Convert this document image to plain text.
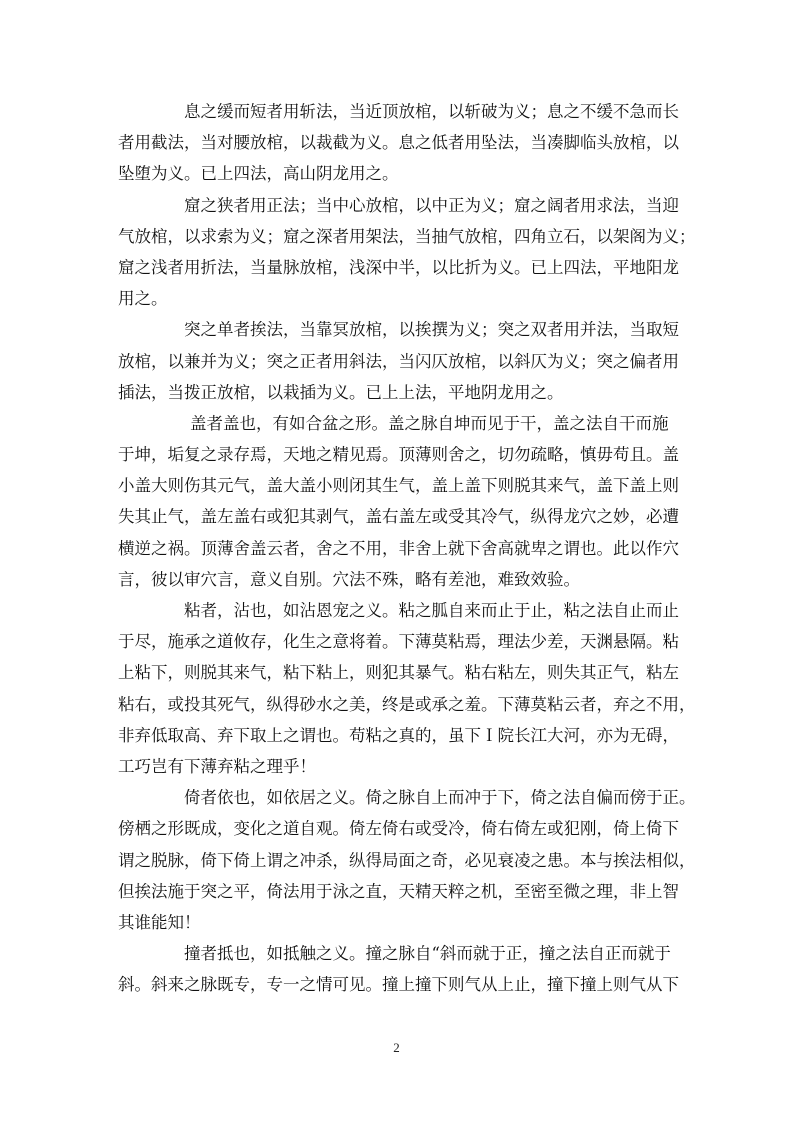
息之缓而短者用斩法，当近顶放棺，以斩破为义；息之不缓不急而长
者用截法，当对腰放棺，以裁截为义。息之低者用坠法，当凑脚临头放棺，以
坠堕为义。已上四法，高山阴龙用之。
窟之狭者用正法；当中心放棺，以中正为义；窟之阔者用求法，当迎
气放棺，以求索为义；窟之深者用架法，当抽气放棺，四角立石，以架阁为义；
窟之浅者用折法，当量脉放棺，浅深中半，以比折为义。已上四法，平地阳龙
用之。
突之单者挨法，当靠冥放棺，以挨撰为义；突之双者用并法，当取短
放棺，以兼并为义；突之正者用斜法，当闪仄放棺，以斜仄为义；突之偏者用
插法，当拨正放棺，以栽插为义。已上上法，平地阴龙用之。
盖者盖也，有如合盆之形。盖之脉自坤而见于干，盖之法自干而施
于坤，垢复之录存焉，天地之精见焉。顶薄则舍之，切勿疏略，慎毋苟且。盖
小盖大则伤其元气，盖大盖小则闭其生气，盖上盖下则脱其来气，盖下盖上则
失其止气，盖左盖右或犯其剥气，盖右盖左或受其冷气，纵得龙穴之妙，必遭
横逆之祸。顶薄舍盖云者，舍之不用，非舍上就下舍高就卑之谓也。此以作穴
言，彼以审穴言，意义自别。穴法不殊，略有差池，难致效验。
粘者，沾也，如沾恩宠之义。粘之胍自来而止于止，粘之法自止而止
于尽，施承之道攸存，化生之意将着。下薄莫粘焉，理法少差，天渊悬隔。粘
上粘下，则脱其来气，粘下粘上，则犯其暴气。粘右粘左，则失其正气，粘左
粘右，或投其死气，纵得砂水之美，终是或承之羞。下薄莫粘云者，弃之不用，
非弃低取高、弃下取上之谓也。苟粘之真的，虽下Ｉ院长江大河，亦为无碍，
工巧岂有下薄弃粘之理乎！
倚者依也，如依居之义。倚之脉自上而冲于下，倚之法自偏而傍于正。
傍栖之形既成，变化之道自观。倚左倚右或受冷，倚右倚左或犯刚，倚上倚下
谓之脱脉，倚下倚上谓之冲杀，纵得局面之奇，必见衰凌之患。本与挨法相似，
但挨法施于突之平，倚法用于泳之直，天精天粹之机，至密至微之理，非上智
其谁能知！
撞者抵也，如抵触之义。撞之脉自“斜而就于正，撞之法自正而就于
斜。斜来之脉既专，专一之情可见。撞上撞下则气从上止，撞下撞上则气从下
2
